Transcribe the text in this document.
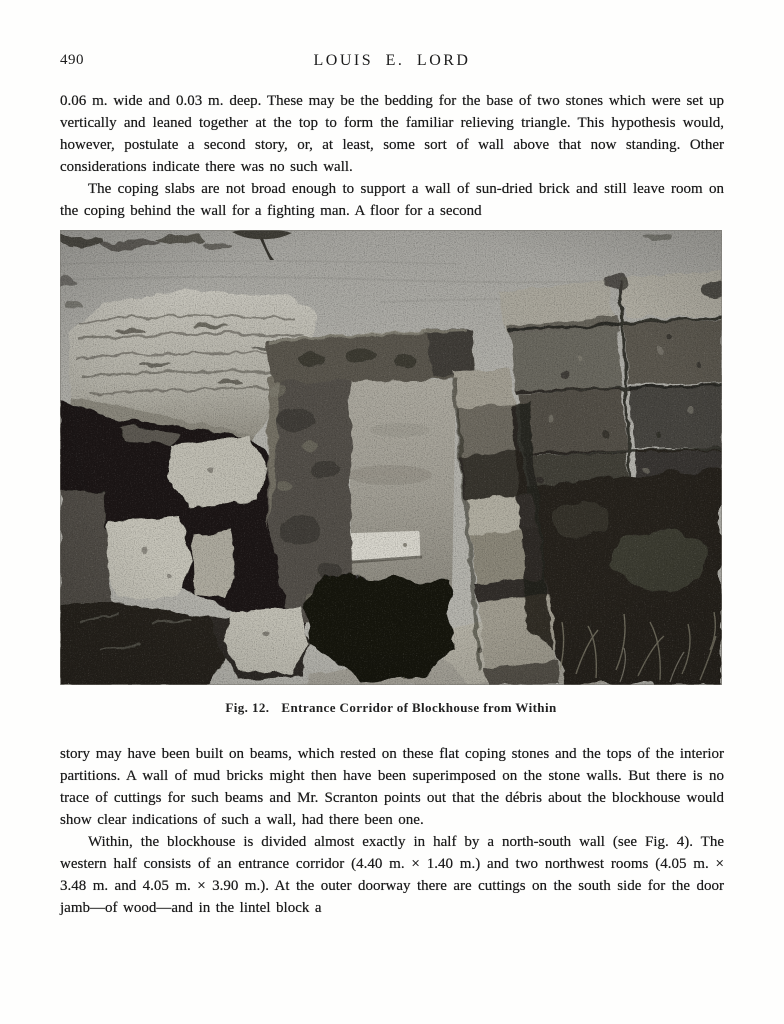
490	LOUIS E. LORD

0.06 m. wide and 0.03 m. deep. These may be the bedding for the base of two stones which were set up vertically and leaned together at the top to form the familiar relieving triangle. This hypothesis would, however, postulate a second story, or, at least, some sort of wall above that now standing. Other considerations indicate there was no such wall.

The coping slabs are not broad enough to support a wall of sun-dried brick and still leave room on the coping behind the wall for a fighting man. A floor for a second

Fig. 12. Entrance Corridor of Blockhouse from Within

story may have been built on beams, which rested on these flat coping stones and the tops of the interior partitions. A wall of mud bricks might then have been superimposed on the stone walls. But there is no trace of cuttings for such beams and Mr. Scranton points out that the débris about the blockhouse would show clear indications of such a wall, had there been one.

Within, the blockhouse is divided almost exactly in half by a north-south wall (see Fig. 4). The western half consists of an entrance corridor (4.40 m. × 1.40 m.) and two northwest rooms (4.05 m. × 3.48 m. and 4.05 m. × 3.90 m.). At the outer doorway there are cuttings on the south side for the door jamb—of wood—and in the lintel block a
